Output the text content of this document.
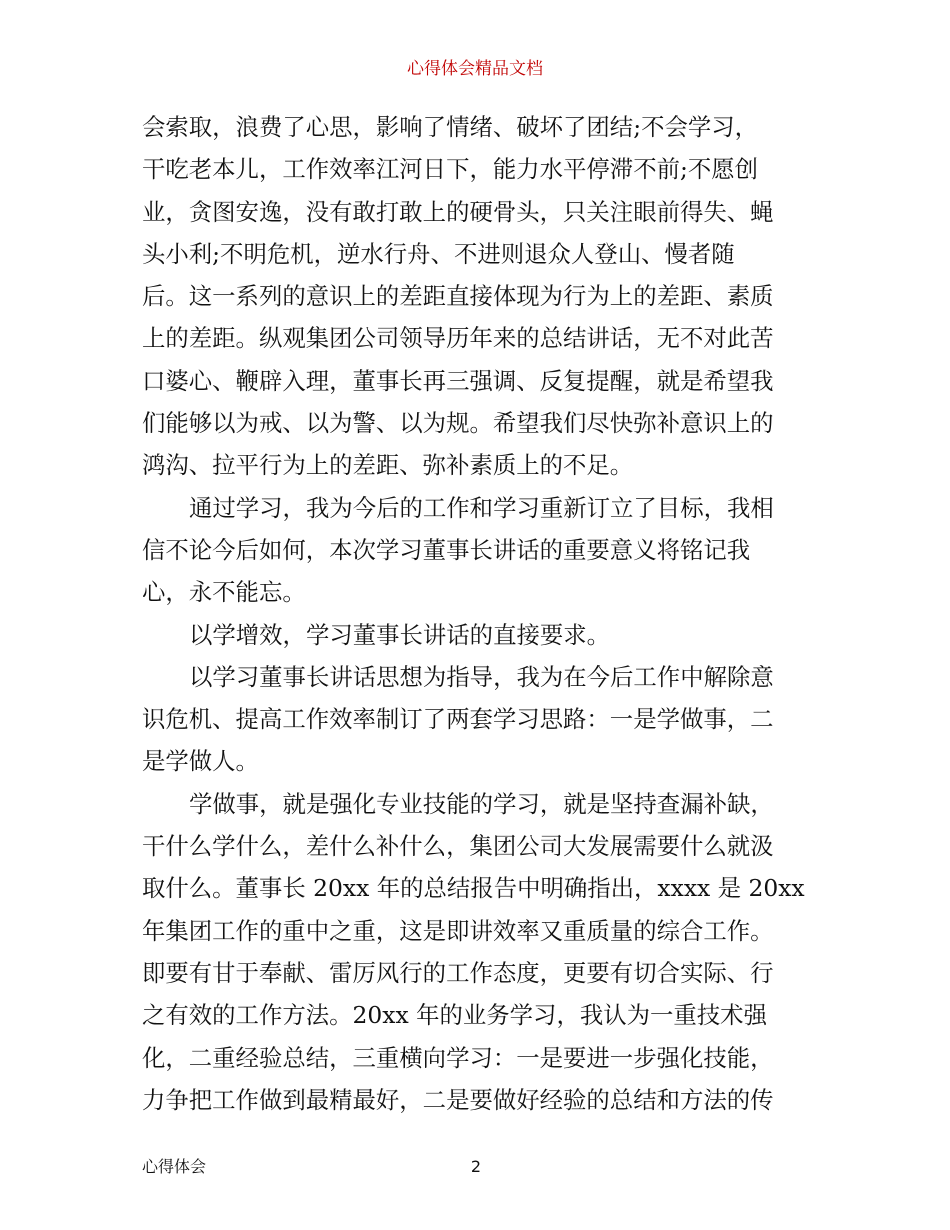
心得体会精品文档

会索取，浪费了心思，影响了情绪、破坏了团结;不会学习，
干吃老本儿，工作效率江河日下，能力水平停滞不前;不愿创
业，贪图安逸，没有敢打敢上的硬骨头，只关注眼前得失、蝇
头小利;不明危机，逆水行舟、不进则退众人登山、慢者随
后。这一系列的意识上的差距直接体现为行为上的差距、素质
上的差距。纵观集团公司领导历年来的总结讲话，无不对此苦
口婆心、鞭辟入理，董事长再三强调、反复提醒，就是希望我
们能够以为戒、以为警、以为规。希望我们尽快弥补意识上的
鸿沟、拉平行为上的差距、弥补素质上的不足。

通过学习，我为今后的工作和学习重新订立了目标，我相
信不论今后如何，本次学习董事长讲话的重要意义将铭记我
心，永不能忘。

以学增效，学习董事长讲话的直接要求。

以学习董事长讲话思想为指导，我为在今后工作中解除意
识危机、提高工作效率制订了两套学习思路：一是学做事，二
是学做人。

学做事，就是强化专业技能的学习，就是坚持查漏补缺，
干什么学什么，差什么补什么，集团公司大发展需要什么就汲
取什么。董事长 20xx 年的总结报告中明确指出，xxxx 是 20xx
年集团工作的重中之重，这是即讲效率又重质量的综合工作。
即要有甘于奉献、雷厉风行的工作态度，更要有切合实际、行
之有效的工作方法。20xx 年的业务学习，我认为一重技术强
化，二重经验总结，三重横向学习：一是要进一步强化技能，
力争把工作做到最精最好，二是要做好经验的总结和方法的传

心得体会	2
